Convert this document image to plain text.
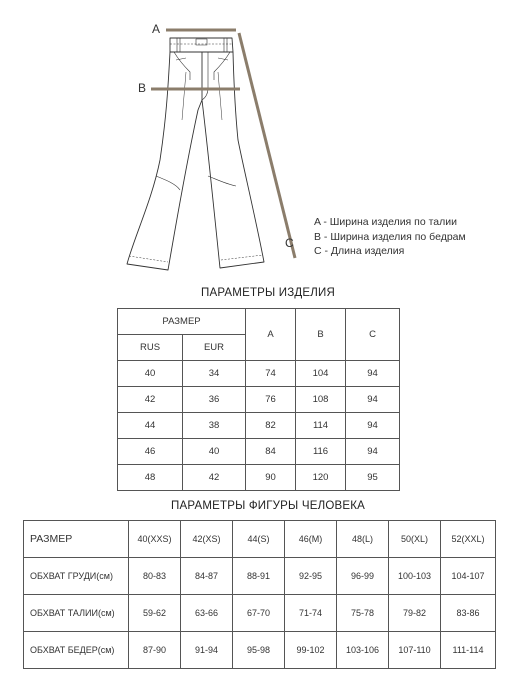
A
B
C
A - Ширина изделия по талии
B - Ширина изделия по бедрам
C - Длина изделия
ПАРАМЕТРЫ ИЗДЕЛИЯ
РАЗМЕР		A	B	C
RUS	EUR			
40	34	74	104	94
42	36	76	108	94
44	38	82	114	94
46	40	84	116	94
48	42	90	120	95
ПАРАМЕТРЫ ФИГУРЫ ЧЕЛОВЕКА
РАЗМЕР	40(XXS)	42(XS)	44(S)	46(M)	48(L)	50(XL)	52(XXL)
ОБХВАТ ГРУДИ(см)	80-83	84-87	88-91	92-95	96-99	100-103	104-107
ОБХВАТ ТАЛИИ(см)	59-62	63-66	67-70	71-74	75-78	79-82	83-86
ОБХВАТ БЕДЕР(см)	87-90	91-94	95-98	99-102	103-106	107-110	111-114
